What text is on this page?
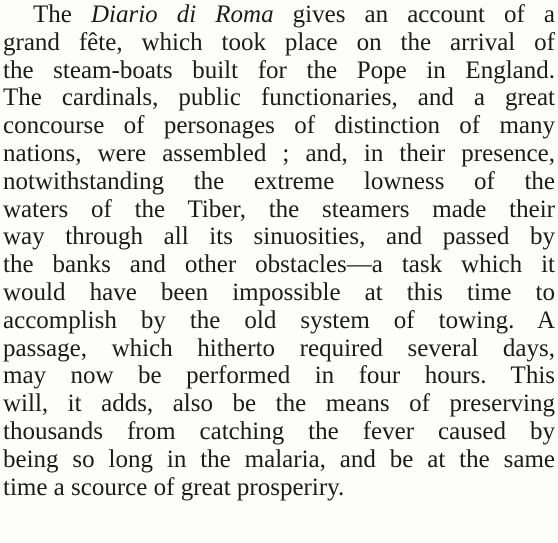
The Diario di Roma gives an account of a
grand fête, which took place on the arrival of
the steam-boats built for the Pope in England.
The cardinals, public functionaries, and a great
concourse of personages of distinction of many
nations, were assembled ; and, in their presence,
notwithstanding the extreme lowness of the
waters of the Tiber, the steamers made their
way through all its sinuosities, and passed by
the banks and other obstacles—a task which it
would have been impossible at this time to
accomplish by the old system of towing. A
passage, which hitherto required several days,
may now be performed in four hours. This
will, it adds, also be the means of preserving
thousands from catching the fever caused by
being so long in the malaria, and be at the same
time a scource of great prosperiry.
